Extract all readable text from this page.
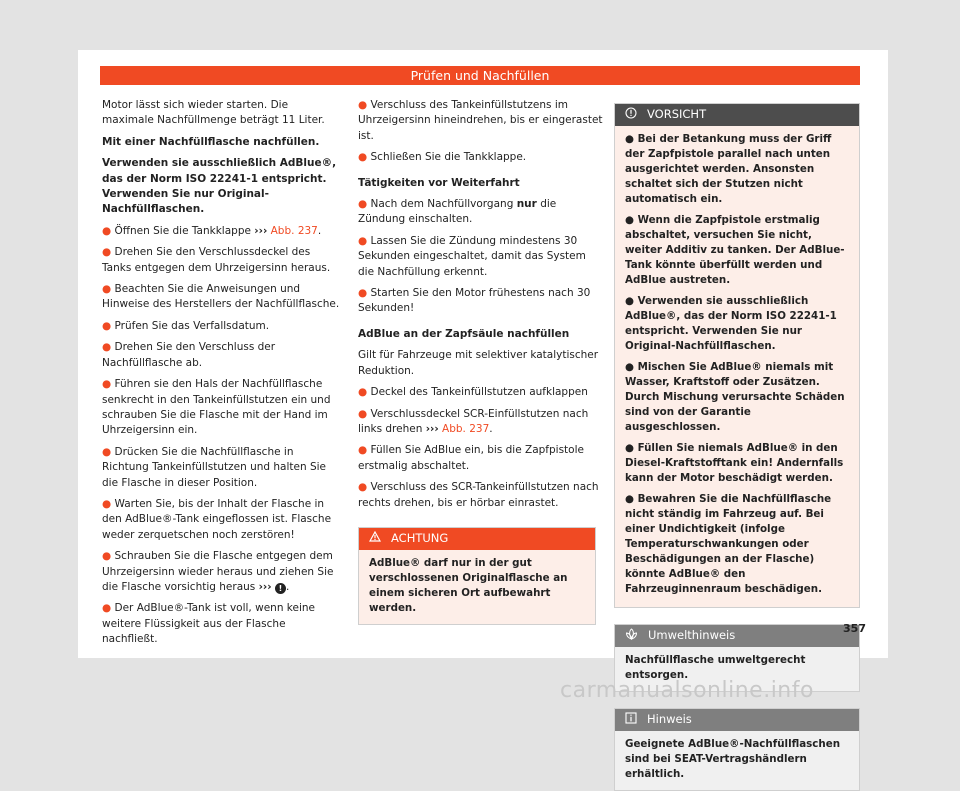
Prüfen und Nachfüllen

Motor lässt sich wieder starten. Die maximale Nachfüllmenge beträgt 11 Liter.

Mit einer Nachfüllflasche nachfüllen.

Verwenden sie ausschließlich AdBlue®, das der Norm ISO 22241-1 entspricht. Verwenden Sie nur Original-Nachfüllflaschen.

● Öffnen Sie die Tankklappe ››› Abb. 237.
● Drehen Sie den Verschlussdeckel des Tanks entgegen dem Uhrzeigersinn heraus.
● Beachten Sie die Anweisungen und Hinweise des Herstellers der Nachfüllflasche.
● Prüfen Sie das Verfallsdatum.
● Drehen Sie den Verschluss der Nachfüllflasche ab.
● Führen sie den Hals der Nachfüllflasche senkrecht in den Tankeinfüllstutzen ein und schrauben Sie die Flasche mit der Hand im Uhrzeigersinn ein.
● Drücken Sie die Nachfüllflasche in Richtung Tankeinfüllstutzen und halten Sie die Flasche in dieser Position.
● Warten Sie, bis der Inhalt der Flasche in den AdBlue®-Tank eingeflossen ist. Flasche weder zerquetschen noch zerstören!
● Schrauben Sie die Flasche entgegen dem Uhrzeigersinn wieder heraus und ziehen Sie die Flasche vorsichtig heraus ››› ! .
● Der AdBlue®-Tank ist voll, wenn keine weitere Flüssigkeit aus der Flasche nachfließt.
● Verschluss des Tankeinfüllstutzens im Uhrzeigersinn hineindrehen, bis er eingerastet ist.
● Schließen Sie die Tankklappe.
Tätigkeiten vor Weiterfahrt
● Nach dem Nachfüllvorgang nur die Zündung einschalten.
● Lassen Sie die Zündung mindestens 30 Sekunden eingeschaltet, damit das System die Nachfüllung erkennt.
● Starten Sie den Motor frühestens nach 30 Sekunden!
AdBlue an der Zapfsäule nachfüllen

Gilt für Fahrzeuge mit selektiver katalytischer Reduktion.

● Deckel des Tankeinfüllstutzen aufklappen
● Verschlussdeckel SCR-Einfüllstutzen nach links drehen ››› Abb. 237.
● Füllen Sie AdBlue ein, bis die Zapfpistole erstmalig abschaltet.
● Verschluss des SCR-Tankeinfüllstutzen nach rechts drehen, bis er hörbar einrastet.
ACHTUNG
AdBlue® darf nur in der gut verschlossenen Originalflasche an einem sicheren Ort aufbewahrt werden.
VORSICHT
● Bei der Betankung muss der Griff der Zapfpistole parallel nach unten ausgerichtet werden. Ansonsten schaltet sich der Stutzen nicht automatisch ein.
● Wenn die Zapfpistole erstmalig abschaltet, versuchen Sie nicht, weiter Additiv zu tanken. Der AdBlue-Tank könnte überfüllt werden und AdBlue austreten.
● Verwenden sie ausschließlich AdBlue®, das der Norm ISO 22241-1 entspricht. Verwenden Sie nur Original-Nachfüllflaschen.
● Mischen Sie AdBlue® niemals mit Wasser, Kraftstoff oder Zusätzen. Durch Mischung verursachte Schäden sind von der Garantie ausgeschlossen.
● Füllen Sie niemals AdBlue® in den Diesel-Kraftstofftank ein! Andernfalls kann der Motor beschädigt werden.
● Bewahren Sie die Nachfüllflasche nicht ständig im Fahrzeug auf. Bei einer Undichtigkeit (infolge Temperaturschwankungen oder Beschädigungen an der Flasche) könnte AdBlue® den Fahrzeuginnenraum beschädigen.
Umwelthinweis
Nachfüllflasche umweltgerecht entsorgen.
Hinweis
Geeignete AdBlue®-Nachfüllflaschen sind bei SEAT-Vertragshändlern erhältlich.
357
carmanualsonline.info
